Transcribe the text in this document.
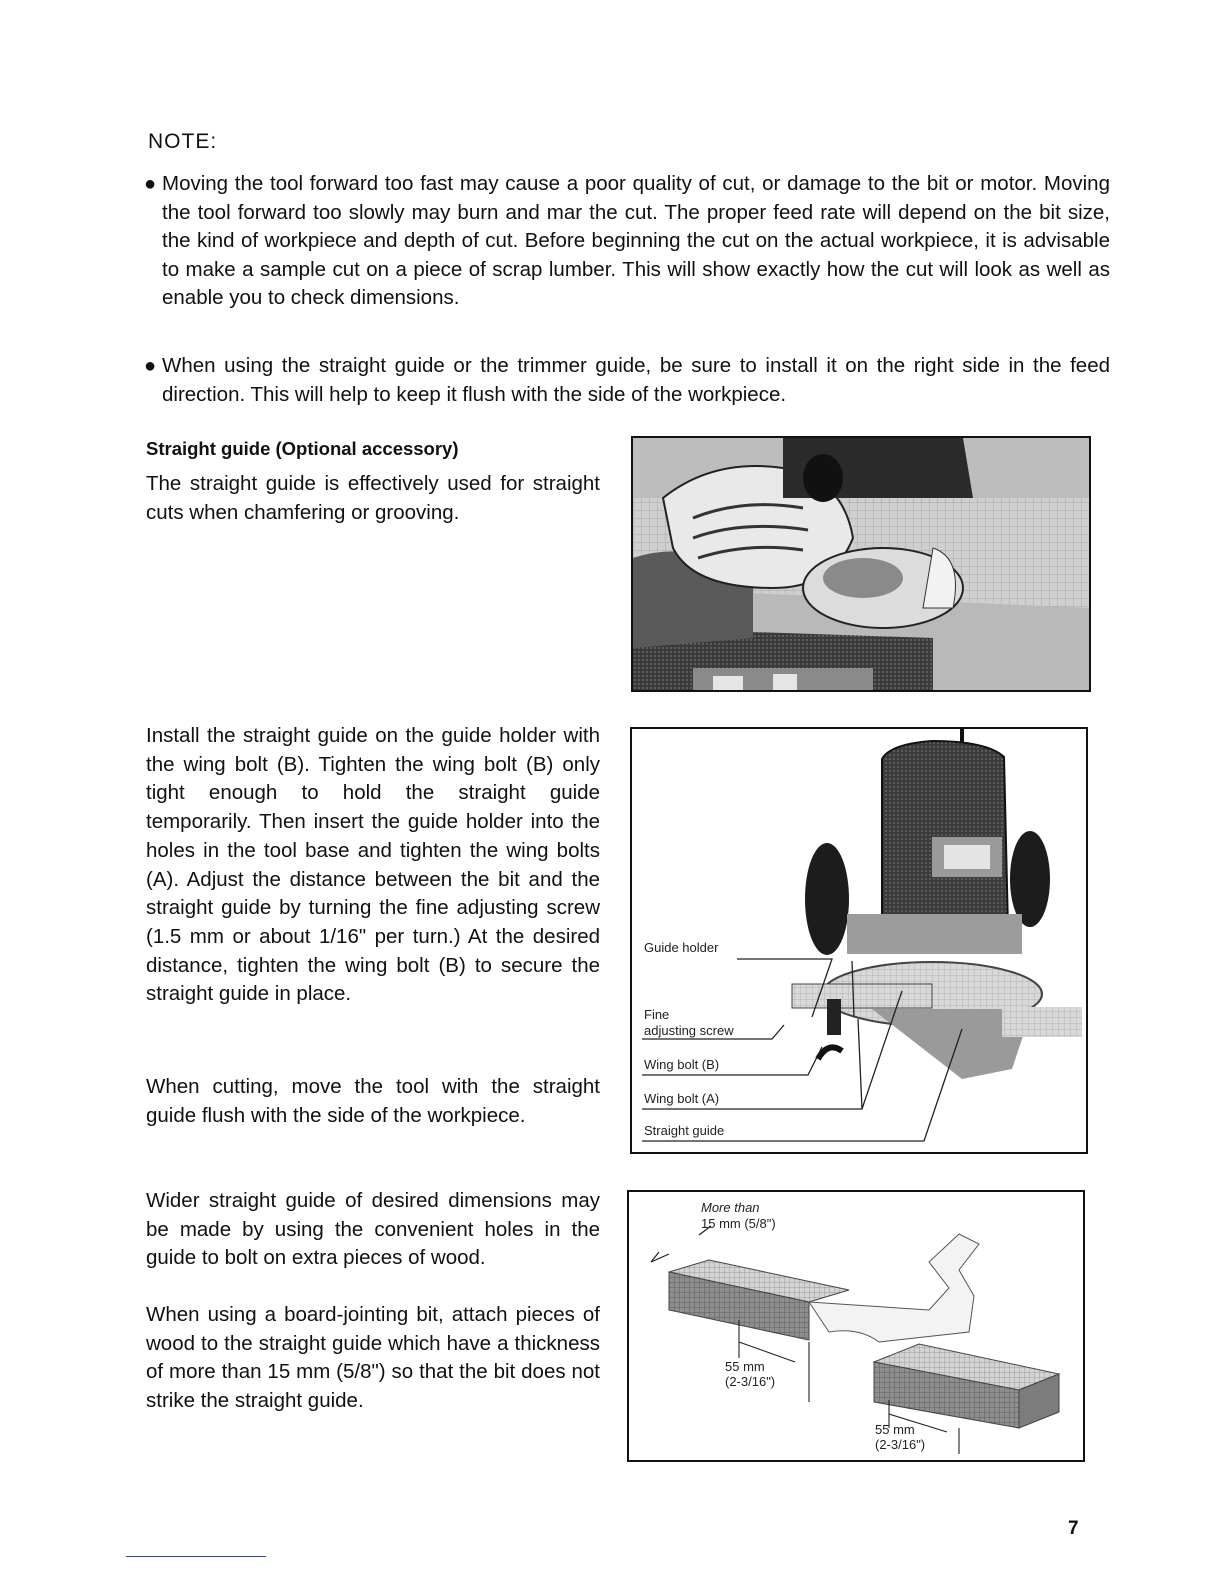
NOTE:
● Moving the tool forward too fast may cause a poor quality of cut, or damage to the bit or motor. Moving the tool forward too slowly may burn and mar the cut. The proper feed rate will depend on the bit size, the kind of workpiece and depth of cut. Before beginning the cut on the actual workpiece, it is advisable to make a sample cut on a piece of scrap lumber. This will show exactly how the cut will look as well as enable you to check dimensions.
● When using the straight guide or the trimmer guide, be sure to install it on the right side in the feed direction. This will help to keep it flush with the side of the workpiece.
Straight guide (Optional accessory)
The straight guide is effectively used for straight cuts when chamfering or grooving.
Install the straight guide on the guide holder with the wing bolt (B). Tighten the wing bolt (B) only tight enough to hold the straight guide temporarily. Then insert the guide holder into the holes in the tool base and tighten the wing bolts (A). Adjust the distance between the bit and the straight guide by turning the fine adjusting screw (1.5 mm or about 1/16" per turn.) At the desired distance, tighten the wing bolt (B) to secure the straight guide in place.
When cutting, move the tool with the straight guide flush with the side of the workpiece.
Wider straight guide of desired dimensions may be made by using the convenient holes in the guide to bolt on extra pieces of wood.
When using a board-jointing bit, attach pieces of wood to the straight guide which have a thickness of more than 15 mm (5/8") so that the bit does not strike the straight guide.
Guide holder
Fine
adjusting screw
Wing bolt (B)
Wing bolt (A)
Straight guide
More than
15 mm (5/8")
55 mm
(2-3/16")
55 mm
(2-3/16")
7
